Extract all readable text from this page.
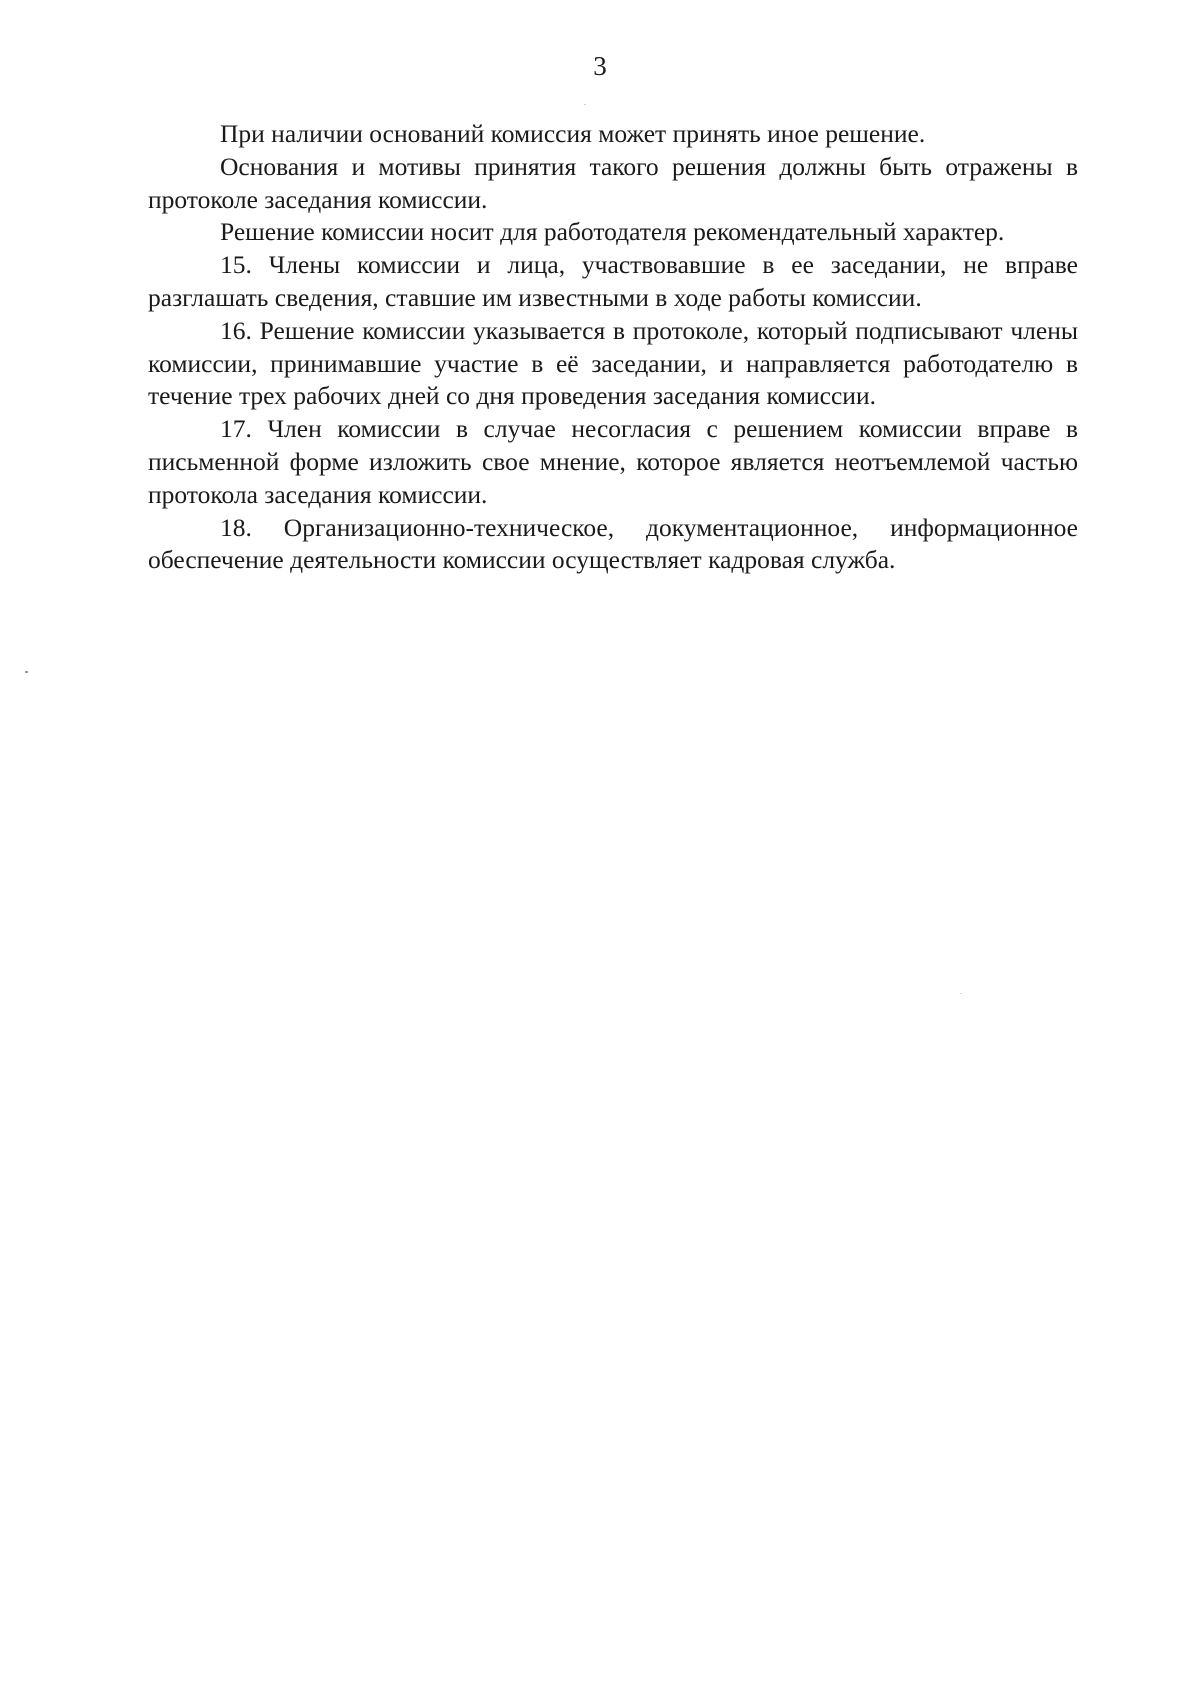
3

При наличии оснований комиссия может принять иное решение.

Основания и мотивы принятия такого решения должны быть отражены в протоколе заседания комиссии.

Решение комиссии носит для работодателя рекомендательный характер.

15. Члены комиссии и лица, участвовавшие в ее заседании, не вправе разглашать сведения, ставшие им известными в ходе работы комиссии.

16. Решение комиссии указывается в протоколе, который подписывают члены комиссии, принимавшие участие в её заседании, и направляется работодателю в течение трех рабочих дней со дня проведения заседания комиссии.

17. Член комиссии в случае несогласия с решением комиссии вправе в письменной форме изложить свое мнение, которое является неотъемлемой частью протокола заседания комиссии.

18. Организационно-техническое, документационное, информационное обеспечение деятельности комиссии осуществляет кадровая служба.
